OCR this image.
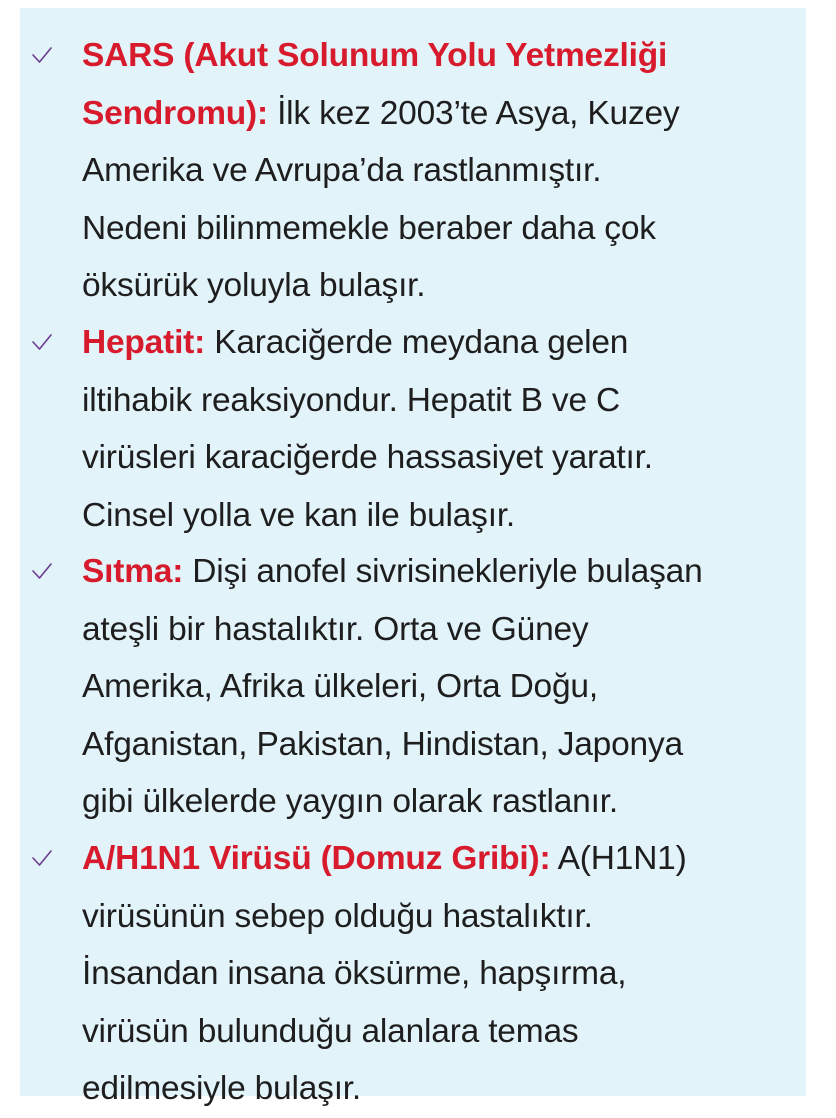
SARS (Akut Solunum Yolu Yetmezliği
Sendromu): İlk kez 2003’te Asya, Kuzey
Amerika ve Avrupa’da rastlanmıştır.
Nedeni bilinmemekle beraber daha çok
öksürük yoluyla bulaşır.
Hepatit: Karaciğerde meydana gelen
iltihabik reaksiyondur. Hepatit B ve C
virüsleri karaciğerde hassasiyet yaratır.
Cinsel yolla ve kan ile bulaşır.
Sıtma: Dişi anofel sivrisinekleriyle bulaşan
ateşli bir hastalıktır. Orta ve Güney
Amerika, Afrika ülkeleri, Orta Doğu,
Afganistan, Pakistan, Hindistan, Japonya
gibi ülkelerde yaygın olarak rastlanır.
A/H1N1 Virüsü (Domuz Gribi): A(H1N1)
virüsünün sebep olduğu hastalıktır.
İnsandan insana öksürme, hapşırma,
virüsün bulunduğu alanlara temas
edilmesiyle bulaşır.
